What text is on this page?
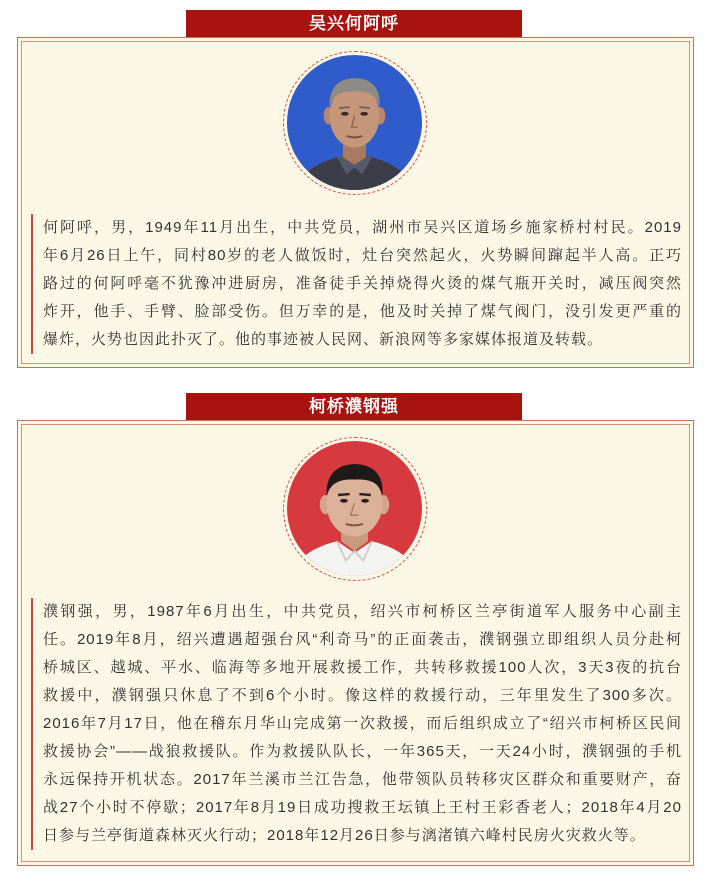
吴兴何阿呼
何阿呼，男，1949年11月出生，中共党员，湖州市吴兴区道场乡施家桥村村民。2019
年6月26日上午，同村80岁的老人做饭时，灶台突然起火，火势瞬间蹿起半人高。正巧
路过的何阿呼毫不犹豫冲进厨房，准备徒手关掉烧得火烫的煤气瓶开关时，减压阀突然
炸开，他手、手臂、脸部受伤。但万幸的是，他及时关掉了煤气阀门，没引发更严重的
爆炸，火势也因此扑灭了。他的事迹被人民网、新浪网等多家媒体报道及转载。
柯桥濮钢强
濮钢强，男，1987年6月出生，中共党员，绍兴市柯桥区兰亭街道军人服务中心副主
任。2019年8月，绍兴遭遇超强台风“利奇马”的正面袭击，濮钢强立即组织人员分赴柯
桥城区、越城、平水、临海等多地开展救援工作，共转移救援100人次，3天3夜的抗台
救援中，濮钢强只休息了不到6个小时。像这样的救援行动，三年里发生了300多次。
2016年7月17日，他在稽东月华山完成第一次救援，而后组织成立了“绍兴市柯桥区民间
救援协会”——战狼救援队。作为救援队队长，一年365天，一天24小时，濮钢强的手机
永远保持开机状态。2017年兰溪市兰江告急，他带领队员转移灾区群众和重要财产，奋
战27个小时不停歇；2017年8月19日成功搜救王坛镇上王村王彩香老人；2018年4月20
日参与兰亭街道森林灭火行动；2018年12月26日参与漓渚镇六峰村民房火灾救火等。
